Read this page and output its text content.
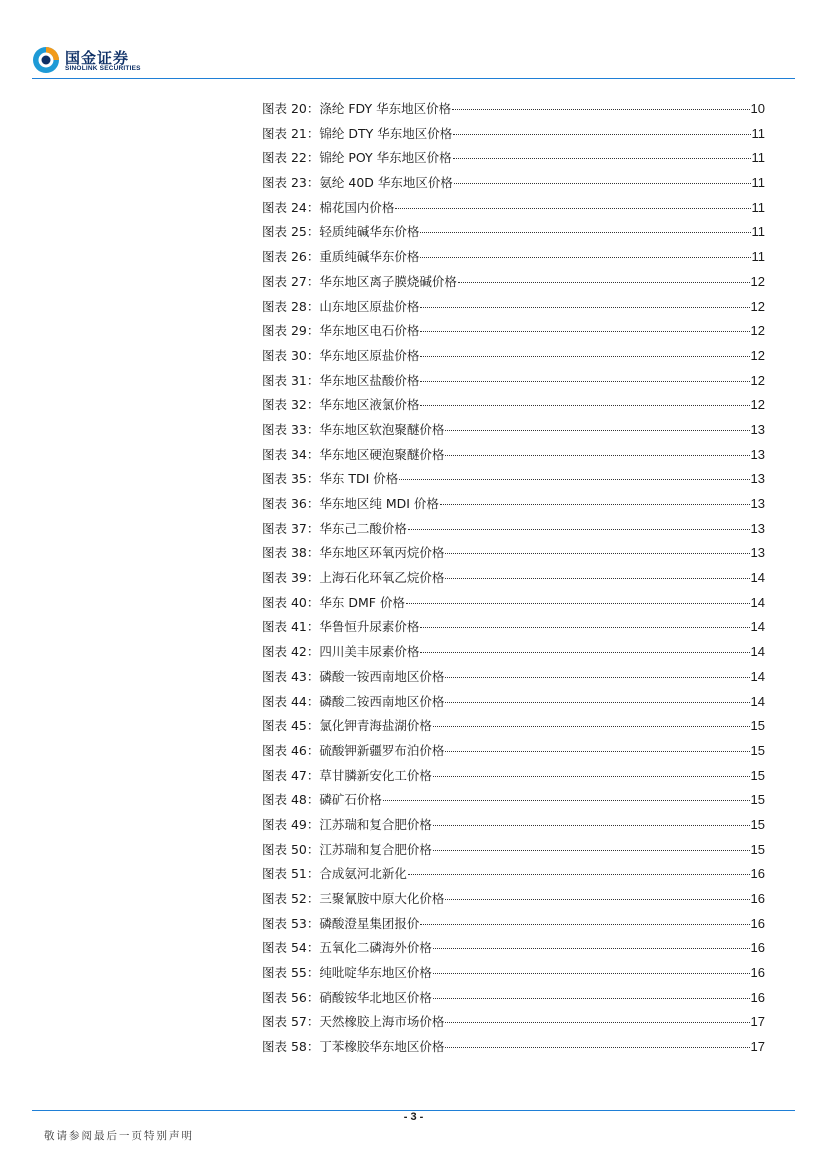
国金证券
SINOLINK SECURITIES
图表 20： 涤纶 FDY 华东地区价格	10
图表 21： 锦纶 DTY 华东地区价格	11
图表 22： 锦纶 POY 华东地区价格	11
图表 23： 氨纶 40D 华东地区价格	11
图表 24： 棉花国内价格	11
图表 25： 轻质纯碱华东价格	11
图表 26： 重质纯碱华东价格	11
图表 27： 华东地区离子膜烧碱价格	12
图表 28： 山东地区原盐价格	12
图表 29： 华东地区电石价格	12
图表 30： 华东地区原盐价格	12
图表 31： 华东地区盐酸价格	12
图表 32： 华东地区液氯价格	12
图表 33： 华东地区软泡聚醚价格	13
图表 34： 华东地区硬泡聚醚价格	13
图表 35： 华东 TDI 价格	13
图表 36： 华东地区纯 MDI 价格	13
图表 37： 华东己二酸价格	13
图表 38： 华东地区环氧丙烷价格	13
图表 39： 上海石化环氧乙烷价格	14
图表 40： 华东 DMF 价格	14
图表 41： 华鲁恒升尿素价格	14
图表 42： 四川美丰尿素价格	14
图表 43： 磷酸一铵西南地区价格	14
图表 44： 磷酸二铵西南地区价格	14
图表 45： 氯化钾青海盐湖价格	15
图表 46： 硫酸钾新疆罗布泊价格	15
图表 47： 草甘膦新安化工价格	15
图表 48： 磷矿石价格	15
图表 49： 江苏瑞和复合肥价格	15
图表 50： 江苏瑞和复合肥价格	15
图表 51： 合成氨河北新化	16
图表 52： 三聚氰胺中原大化价格	16
图表 53： 磷酸澄星集团报价	16
图表 54： 五氧化二磷海外价格	16
图表 55： 纯吡啶华东地区价格	16
图表 56： 硝酸铵华北地区价格	16
图表 57： 天然橡胶上海市场价格	17
图表 58： 丁苯橡胶华东地区价格	17
- 3 -
敬请参阅最后一页特别声明
